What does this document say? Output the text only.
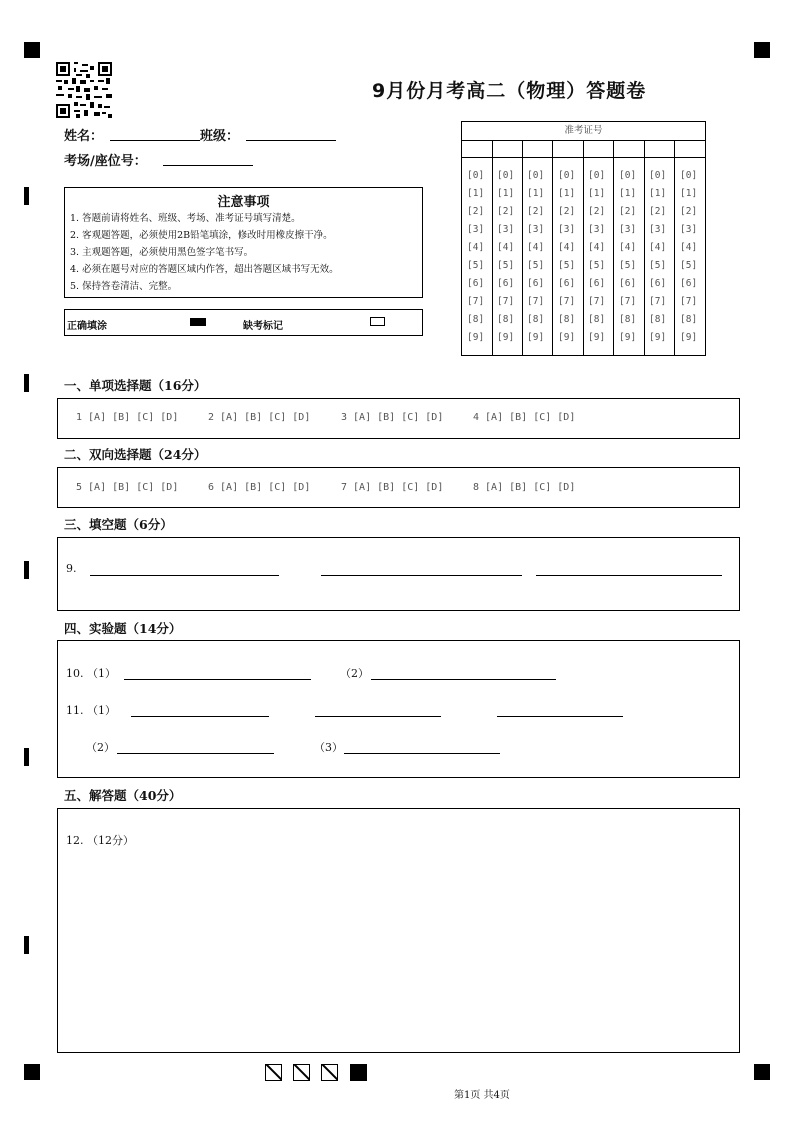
9月份月考高二（物理）答题卷
姓名：	班级：
考场/座位号：
注意事项
1. 答题前请将姓名、班级、考场、准考证号填写清楚。
2. 客观题答题，必须使用2B铅笔填涂，修改时用橡皮擦干净。
3. 主观题答题，必须使用黑色签字笔书写。
4. 必须在题号对应的答题区域内作答，超出答题区域书写无效。
5. 保持答卷清洁、完整。
正确填涂	缺考标记
准考证号
[0] [0] [0] [0] [0] [0] [0] [0]
[1] [1] [1] [1] [1] [1] [1] [1]
[2] [2] [2] [2] [2] [2] [2] [2]
[3] [3] [3] [3] [3] [3] [3] [3]
[4] [4] [4] [4] [4] [4] [4] [4]
[5] [5] [5] [5] [5] [5] [5] [5]
[6] [6] [6] [6] [6] [6] [6] [6]
[7] [7] [7] [7] [7] [7] [7] [7]
[8] [8] [8] [8] [8] [8] [8] [8]
[9] [9] [9] [9] [9] [9] [9] [9]
一、单项选择题（16分）
1 [A] [B] [C] [D]	2 [A] [B] [C] [D]	3 [A] [B] [C] [D]	4 [A] [B] [C] [D]
二、双向选择题（24分）
5 [A] [B] [C] [D]	6 [A] [B] [C] [D]	7 [A] [B] [C] [D]	8 [A] [B] [C] [D]
三、填空题（6分）
9.
四、实验题（14分）
10. （1）	（2）
11. （1）
（2）	（3）
五、解答题（40分）
12. （12分）
第1页 共4页
